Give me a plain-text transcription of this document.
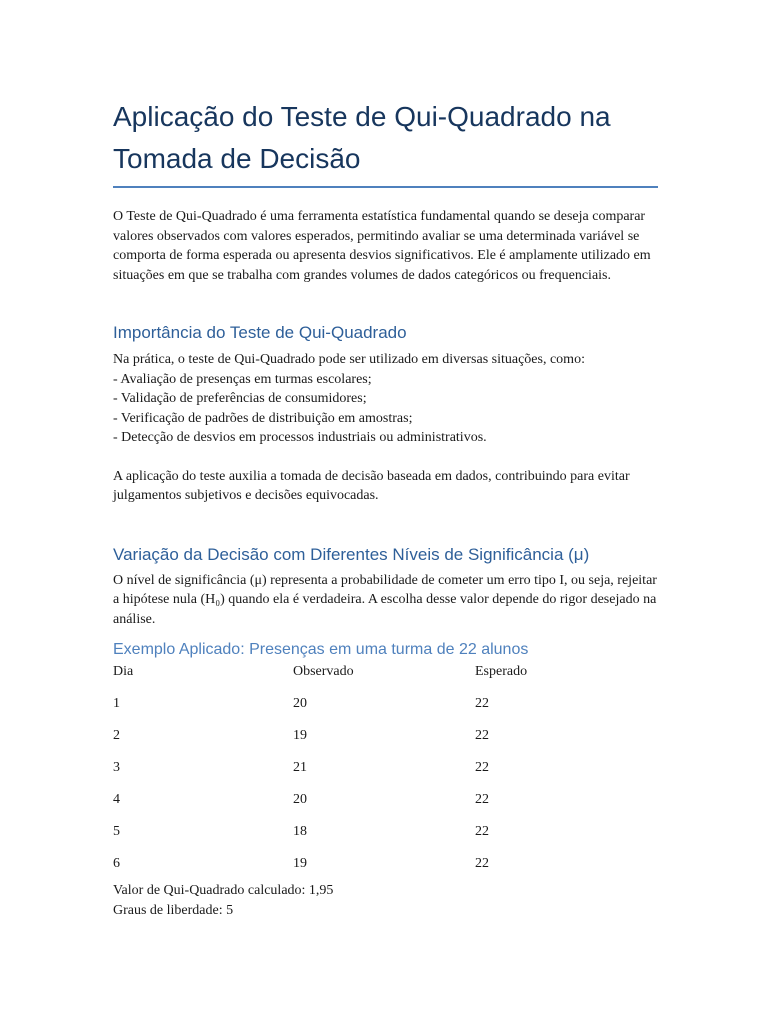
Aplicação do Teste de Qui-Quadrado na Tomada de Decisão

O Teste de Qui-Quadrado é uma ferramenta estatística fundamental quando se deseja comparar valores observados com valores esperados, permitindo avaliar se uma determinada variável se comporta de forma esperada ou apresenta desvios significativos. Ele é amplamente utilizado em situações em que se trabalha com grandes volumes de dados categóricos ou frequenciais.

Importância do Teste de Qui-Quadrado
Na prática, o teste de Qui-Quadrado pode ser utilizado em diversas situações, como:
- Avaliação de presenças em turmas escolares;
- Validação de preferências de consumidores;
- Verificação de padrões de distribuição em amostras;
- Detecção de desvios em processos industriais ou administrativos.

A aplicação do teste auxilia a tomada de decisão baseada em dados, contribuindo para evitar julgamentos subjetivos e decisões equivocadas.

Variação da Decisão com Diferentes Níveis de Significância (μ)

O nível de significância (μ) representa a probabilidade de cometer um erro tipo I, ou seja, rejeitar a hipótese nula (H₀) quando ela é verdadeira. A escolha desse valor depende do rigor desejado na análise.

Exemplo Aplicado: Presenças em uma turma de 22 alunos
Dia	Observado	Esperado
1	20	22
2	19	22
3	21	22
4	20	22
5	18	22
6	19	22
Valor de Qui-Quadrado calculado: 1,95
Graus de liberdade: 5
